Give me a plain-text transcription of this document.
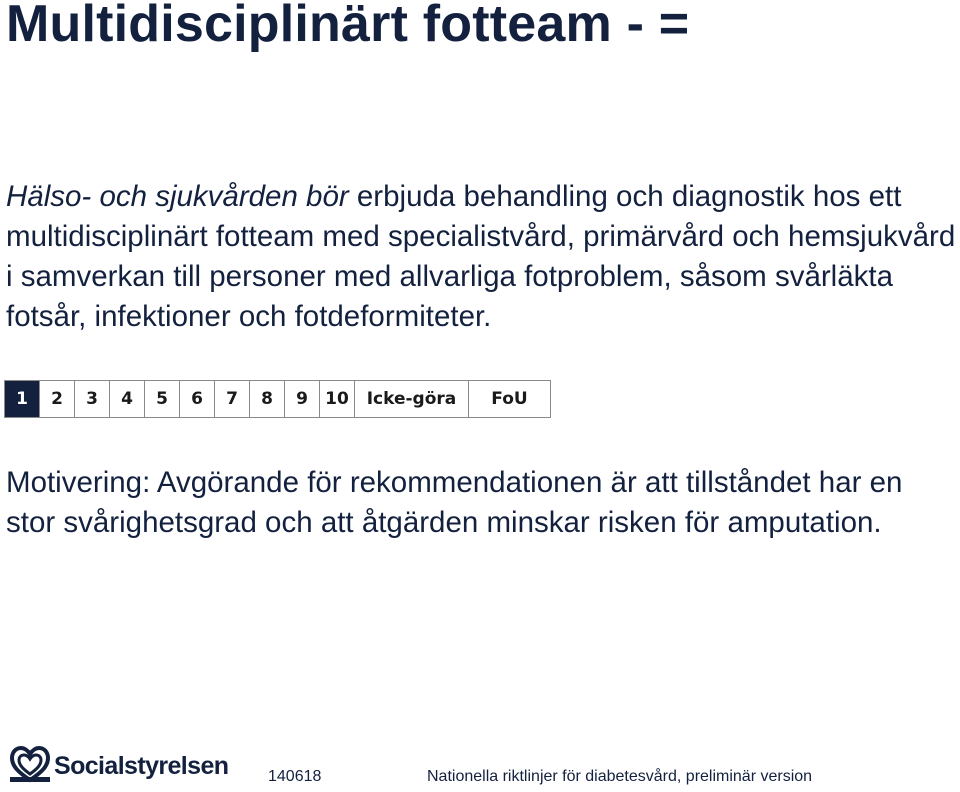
Multidisciplinärt fotteam - =
Hälso- och sjukvården bör erbjuda behandling och diagnostik hos ett multidisciplinärt fotteam med specialistvård, primärvård och hemsjukvård i samverkan till personer med allvarliga fotproblem, såsom svårläkta fotsår, infektioner och fotdeformiteter.
1	2	3	4	5	6	7	8	9	10	Icke-göra	FoU
Motivering: Avgörande för rekommendationen är att tillståndet har en stor svårighetsgrad och att åtgärden minskar risken för amputation.
Socialstyrelsen 140618	Nationella riktlinjer för diabetesvård, preliminär version
